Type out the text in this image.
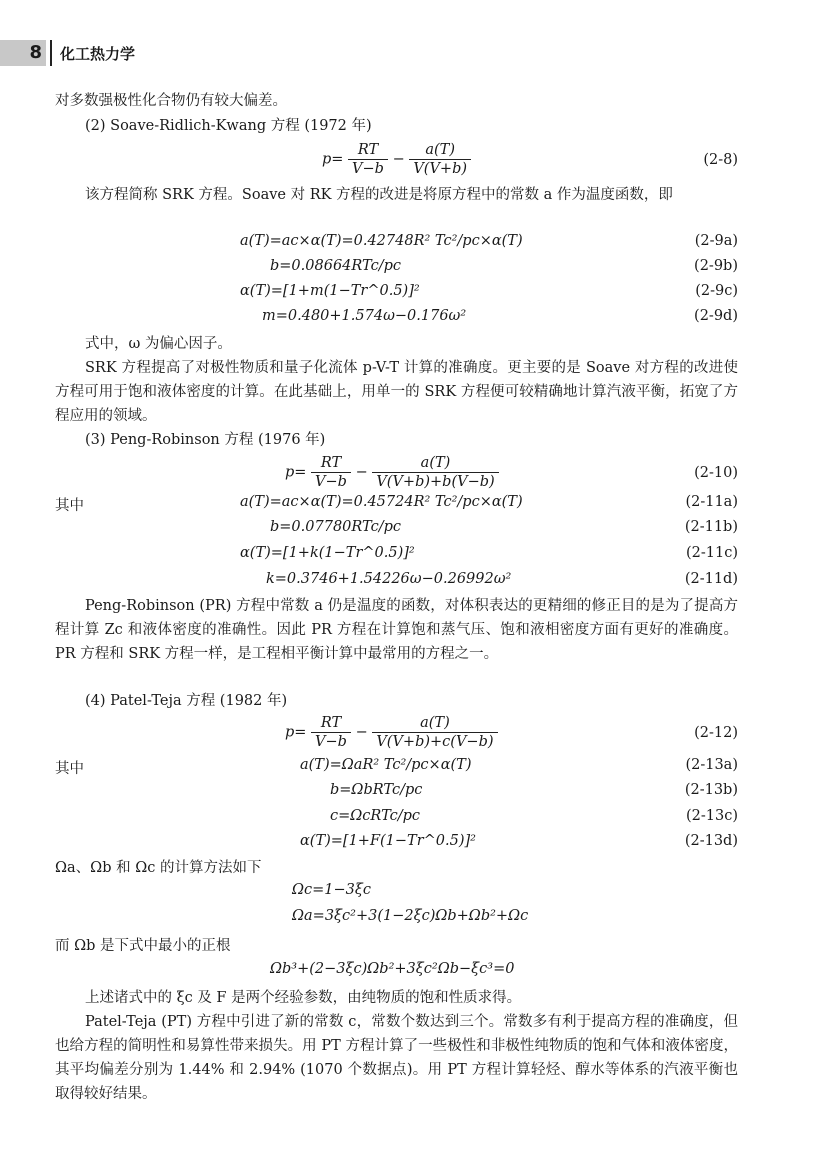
8 化工热力学
对多数强极性化合物仍有较大偏差。
(2) Soave-Ridlich-Kwang 方程 (1972 年)
$p= \frac{RT}{V-b} - \frac{a(T)}{V(V+b)}$	(2-8)
该方程简称 SRK 方程。Soave 对 RK 方程的改进是将原方程中的常数 a 作为温度函数，即
a(T)=ac×α(T)=0.42748R² Tc²/pc×α(T)	(2-9a)
b=0.08664RTc/pc	(2-9b)
α(T)=[1+m(1−Tr^0.5)]²	(2-9c)
m=0.480+1.574ω−0.176ω²	(2-9d)
式中，ω 为偏心因子。
SRK 方程提高了对极性物质和量子化流体 p-V-T 计算的准确度。更主要的是 Soave 对方程的改进使方程可用于饱和液体密度的计算。在此基础上，用单一的 SRK 方程便可较精确地计算汽液平衡，拓宽了方程应用的领域。
(3) Peng-Robinson 方程 (1976 年)
$p= \frac{RT}{V-b} - \frac{a(T)}{V(V+b)+b(V-b)}$	(2-10)
其中	a(T)=ac×α(T)=0.45724R² Tc²/pc×α(T)	(2-11a)
b=0.07780RTc/pc	(2-11b)
α(T)=[1+k(1−Tr^0.5)]²	(2-11c)
k=0.3746+1.54226ω−0.26992ω²	(2-11d)
Peng-Robinson (PR) 方程中常数 a 仍是温度的函数，对体积表达的更精细的修正目的是为了提高方程计算 Zc 和液体密度的准确性。因此 PR 方程在计算饱和蒸气压、饱和液相密度方面有更好的准确度。PR 方程和 SRK 方程一样，是工程相平衡计算中最常用的方程之一。
(4) Patel-Teja 方程 (1982 年)
$p= \frac{RT}{V-b} - \frac{a(T)}{V(V+b)+c(V-b)}$	(2-12)
其中	a(T)=ΩaR² Tc²/pc×α(T)	(2-13a)
b=ΩbRTc/pc	(2-13b)
c=ΩcRTc/pc	(2-13c)
α(T)=[1+F(1−Tr^0.5)]²	(2-13d)
Ωa、Ωb 和 Ωc 的计算方法如下
Ωc=1−3ξc
Ωa=3ξc²+3(1−2ξc)Ωb+Ωb²+Ωc
而 Ωb 是下式中最小的正根
Ωb³+(2−3ξc)Ωb²+3ξc²Ωb−ξc³=0
上述诸式中的 ξc 及 F 是两个经验参数，由纯物质的饱和性质求得。
Patel-Teja (PT) 方程中引进了新的常数 c，常数个数达到三个。常数多有利于提高方程的准确度，但也给方程的简明性和易算性带来损失。用 PT 方程计算了一些极性和非极性纯物质的饱和气体和液体密度，其平均偏差分别为 1.44% 和 2.94% (1070 个数据点)。用 PT 方程计算轻烃、醇水等体系的汽液平衡也取得较好结果。
